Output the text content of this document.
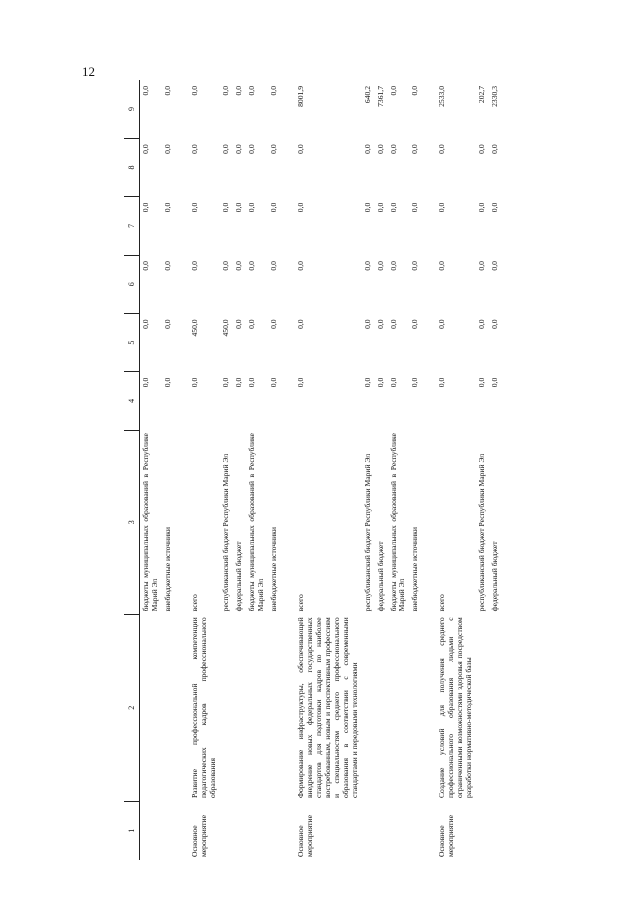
12
1	2	3	4	5	6	7	8	9
		бюджеты муниципальных образований в Республике Марий Эл	0,0	0,0	0,0	0,0	0,0	0,0
		внебюджетные источники	0,0	0,0	0,0	0,0	0,0	0,0

Основное мероприятие	Развитие профессиональной компетенции педагогических кадров профессионального образования	всего	0,0	450,0	0,0	0,0	0,0	0,0
		республиканский бюджет Республики Марий Эл	0,0	450,0	0,0	0,0	0,0	0,0
		федеральный бюджет	0,0	0,0	0,0	0,0	0,0	0,0
		бюджеты муниципальных образований в Республике Марий Эл	0,0	0,0	0,0	0,0	0,0	0,0
		внебюджетные источники	0,0	0,0	0,0	0,0	0,0	0,0

Основное мероприятие	Формирование инфраструктуры, обеспечивающей внедрение новых федеральных государственных стандартов для подготовки кадров по наиболее востребованным, новым и перспективным профессиям и специальностям среднего профессионального образования в соответствии с современными стандартами и передовыми технологиями	всего	0,0	0,0	0,0	0,0	0,0	8001,9
		республиканский бюджет Республики Марий Эл	0,0	0,0	0,0	0,0	0,0	640,2
		федеральный бюджет	0,0	0,0	0,0	0,0	0,0	7361,7
		бюджеты муниципальных образований в Республике Марий Эл	0,0	0,0	0,0	0,0	0,0	0,0
		внебюджетные источники	0,0	0,0	0,0	0,0	0,0	0,0

Основное мероприятие	Создание условий для получения среднего профессионального образования людьми с ограниченными возможностями здоровья посредством разработки нормативно-методической базы	всего	0,0	0,0	0,0	0,0	0,0	2533,0
		республиканский бюджет Республики Марий Эл	0,0	0,0	0,0	0,0	0,0	202,7
		федеральный бюджет	0,0	0,0	0,0	0,0	0,0	2330,3
